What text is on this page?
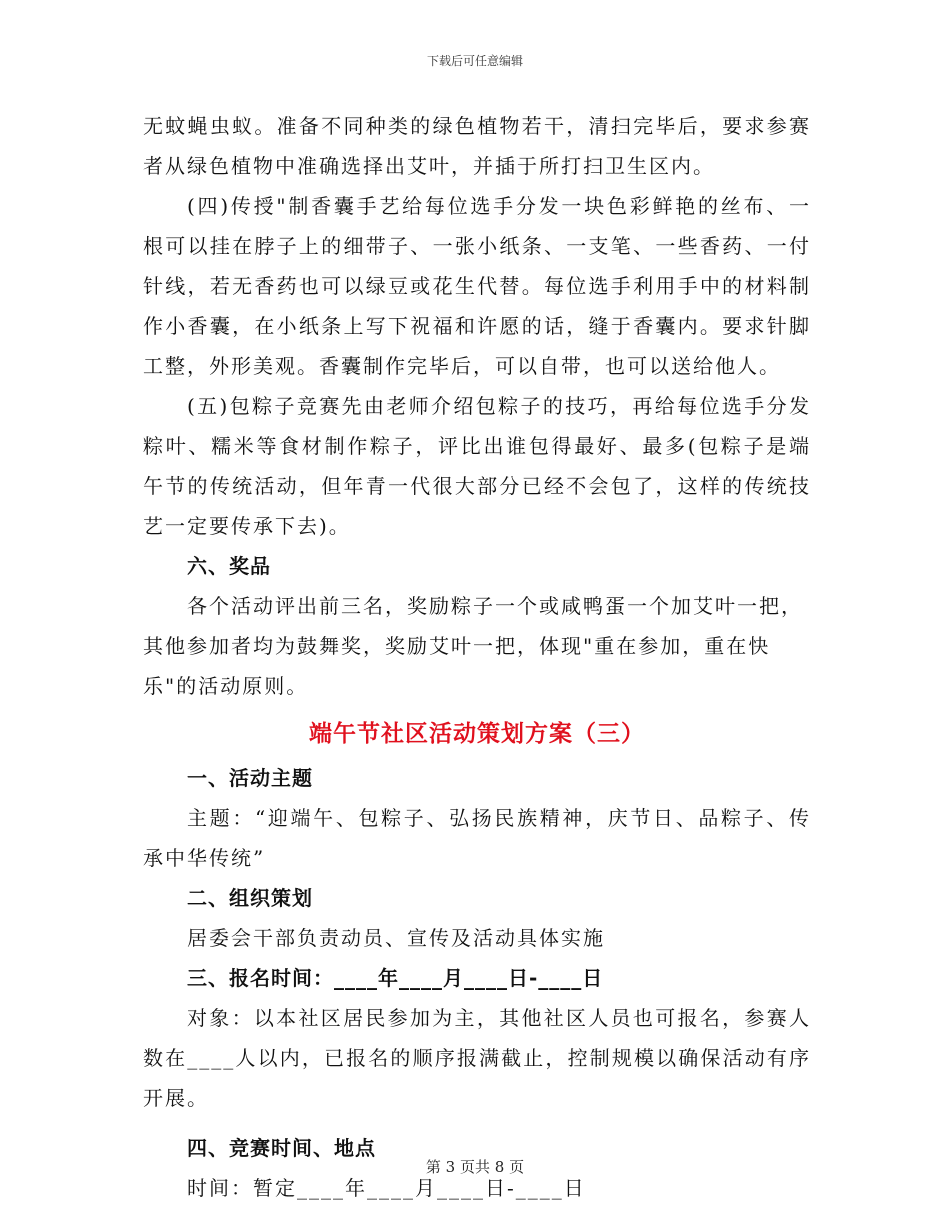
下载后可任意编辑

无蚊蝇虫蚁。准备不同种类的绿色植物若干，清扫完毕后，要求参赛者从绿色植物中准确选择出艾叶，并插于所打扫卫生区内。

(四)传授"制香囊手艺给每位选手分发一块色彩鲜艳的丝布、一根可以挂在脖子上的细带子、一张小纸条、一支笔、一些香药、一付针线，若无香药也可以绿豆或花生代替。每位选手利用手中的材料制作小香囊，在小纸条上写下祝福和许愿的话，缝于香囊内。要求针脚工整，外形美观。香囊制作完毕后，可以自带，也可以送给他人。

(五)包粽子竞赛先由老师介绍包粽子的技巧，再给每位选手分发粽叶、糯米等食材制作粽子，评比出谁包得最好、最多(包粽子是端午节的传统活动，但年青一代很大部分已经不会包了，这样的传统技艺一定要传承下去)。

六、奖品

各个活动评出前三名，奖励粽子一个或咸鸭蛋一个加艾叶一把，其他参加者均为鼓舞奖，奖励艾叶一把，体现"重在参加，重在快乐"的活动原则。

端午节社区活动策划方案（三）

一、活动主题

主题：“迎端午、包粽子、弘扬民族精神，庆节日、品粽子、传承中华传统”

二、组织策划

居委会干部负责动员、宣传及活动具体实施

三、报名时间：____年____月____日-____日

对象：以本社区居民参加为主，其他社区人员也可报名，参赛人数在____人以内，已报名的顺序报满截止，控制规模以确保活动有序开展。

四、竞赛时间、地点

时间：暂定____年____月____日-____日

第 3 页共 8 页
